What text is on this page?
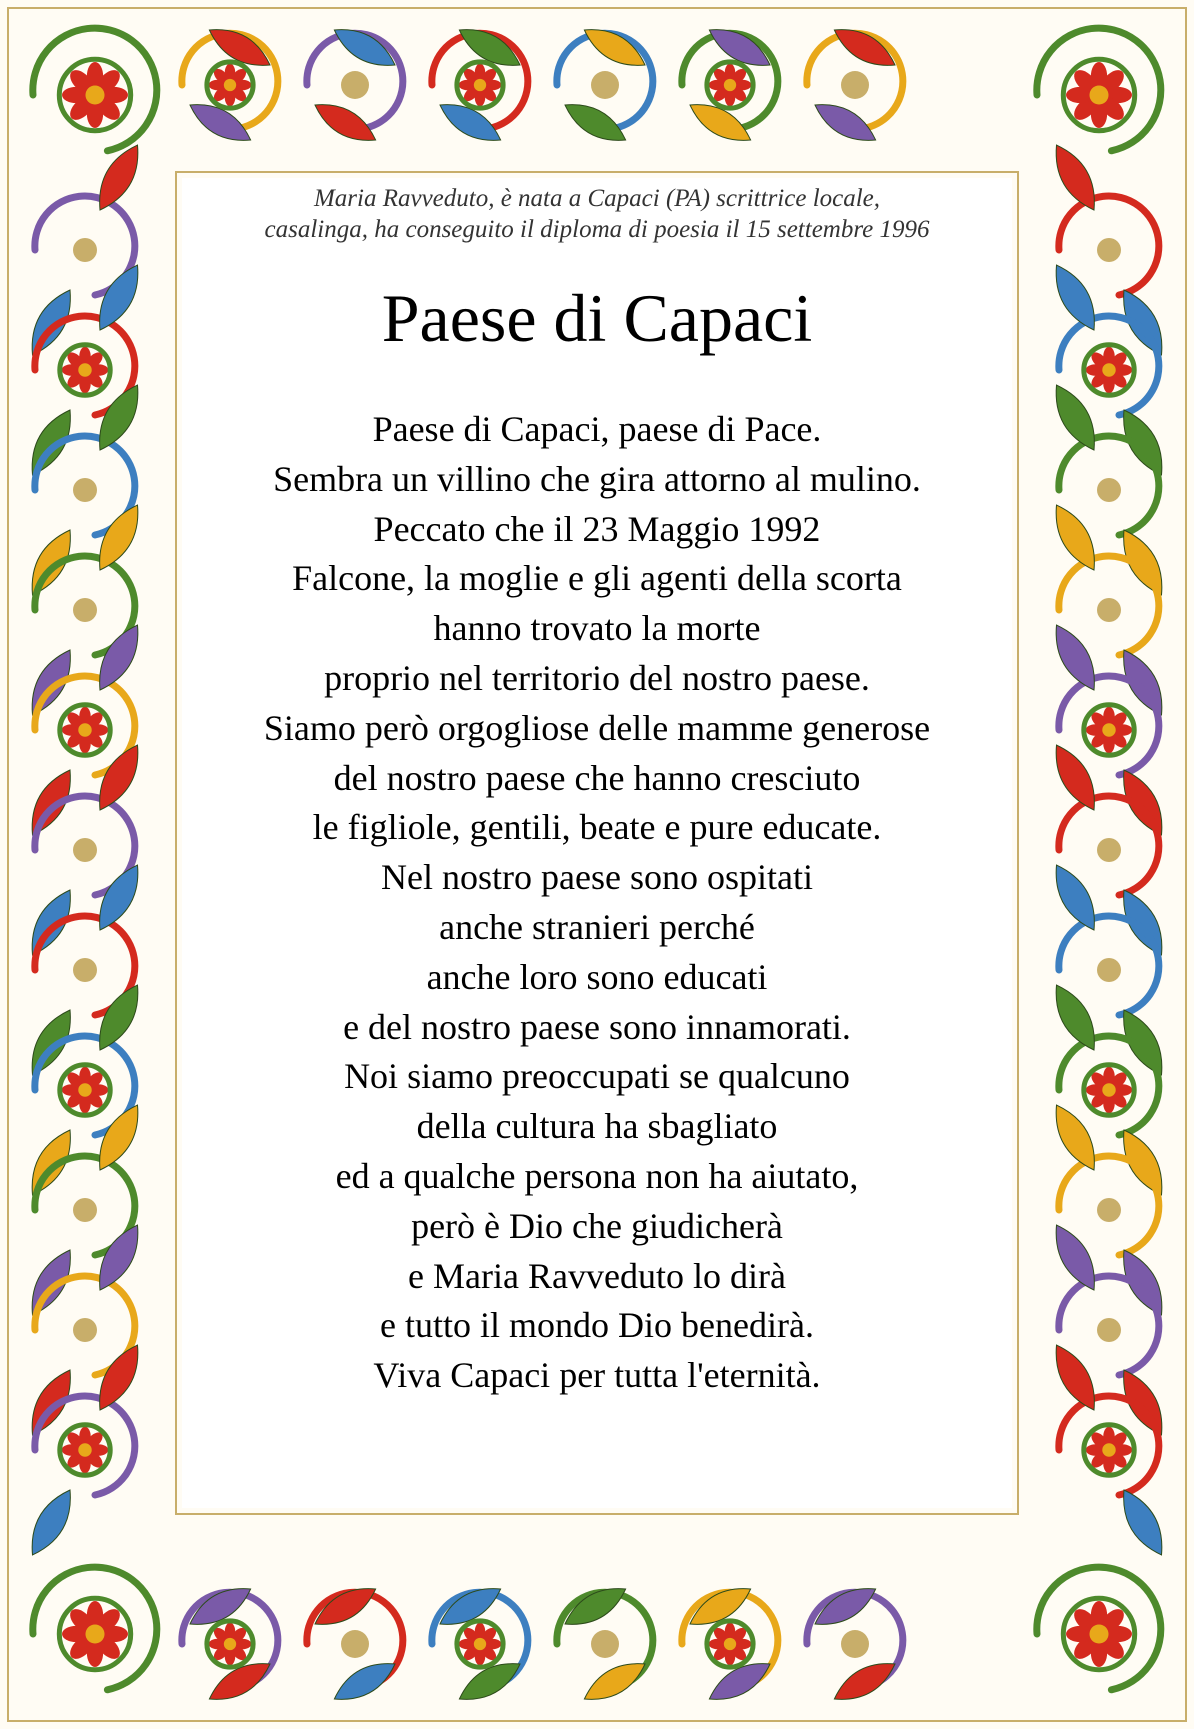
Maria Ravveduto, è nata a Capaci (PA) scrittrice locale,
casalinga, ha conseguito il diploma di poesia il 15 settembre 1996
Paese di Capaci
Paese di Capaci, paese di Pace.
Sembra un villino che gira attorno al mulino.
Peccato che il 23 Maggio 1992
Falcone, la moglie e gli agenti della scorta
hanno trovato la morte
proprio nel territorio del nostro paese.
Siamo però orgogliose delle mamme generose
del nostro paese che hanno cresciuto
le figliole, gentili, beate e pure educate.
Nel nostro paese sono ospitati
anche stranieri perché
anche loro sono educati
e del nostro paese sono innamorati.
Noi siamo preoccupati se qualcuno
della cultura ha sbagliato
ed a qualche persona non ha aiutato,
però è Dio che giudicherà
e Maria Ravveduto lo dirà
e tutto il mondo Dio benedirà.
Viva Capaci per tutta l'eternità.
